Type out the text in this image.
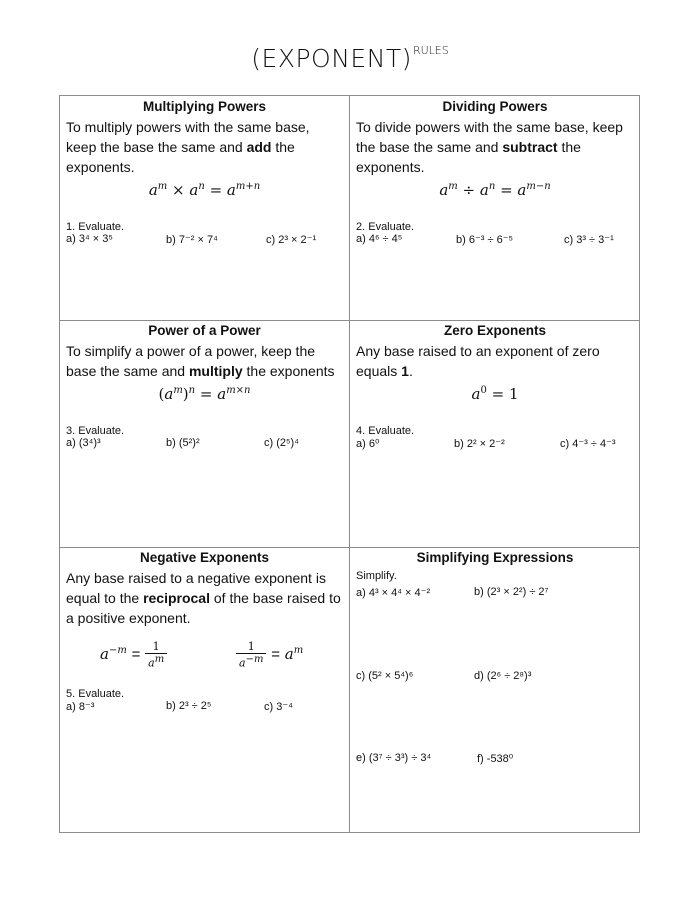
(EXPONENT)$^{RULES}$
Multiplying Powers
To multiply powers with the same base, keep the base the same and add the exponents.
$a^m \times a^n = a^{m+n}$
1. Evaluate.
a) 3⁴ × 3⁵	b) 7⁻² × 7⁴	c) 2³ × 2⁻¹
Dividing Powers
To divide powers with the same base, keep the base the same and subtract the exponents.
$a^m \div a^n = a^{m-n}$
2. Evaluate.
a) 4⁶ ÷ 4⁵	b) 6⁻³ ÷ 6⁻⁵	c) 3³ ÷ 3⁻¹
Power of a Power
To simplify a power of a power, keep the base the same and multiply the exponents
$(a^m)^n = a^{m\times n}$
3. Evaluate.
a) (3⁴)³	b) (5²)²	c) (2⁵)⁴
Zero Exponents
Any base raised to an exponent of zero equals 1.
$a^0 = 1$
4. Evaluate.
a) 6⁰	b) 2² × 2⁻²	c) 4⁻³ ÷ 4⁻³
Negative Exponents
Any base raised to a negative exponent is equal to the reciprocal of the base raised to a positive exponent.
$a^{-m} = \frac{1}{a^m}$	$\frac{1}{a^{-m}} = a^m$
5. Evaluate.
a) 8⁻³	b) 2³ ÷ 2⁵	c) 3⁻⁴
Simplifying Expressions
Simplify.
a) 4³ × 4⁴ × 4⁻²	b) (2³ × 2²) ÷ 2⁷
c) (5² × 5⁴)⁶	d) (2⁶ ÷ 2⁸)³
e) (3⁷ ÷ 3³) ÷ 3⁴	f) -538⁰
